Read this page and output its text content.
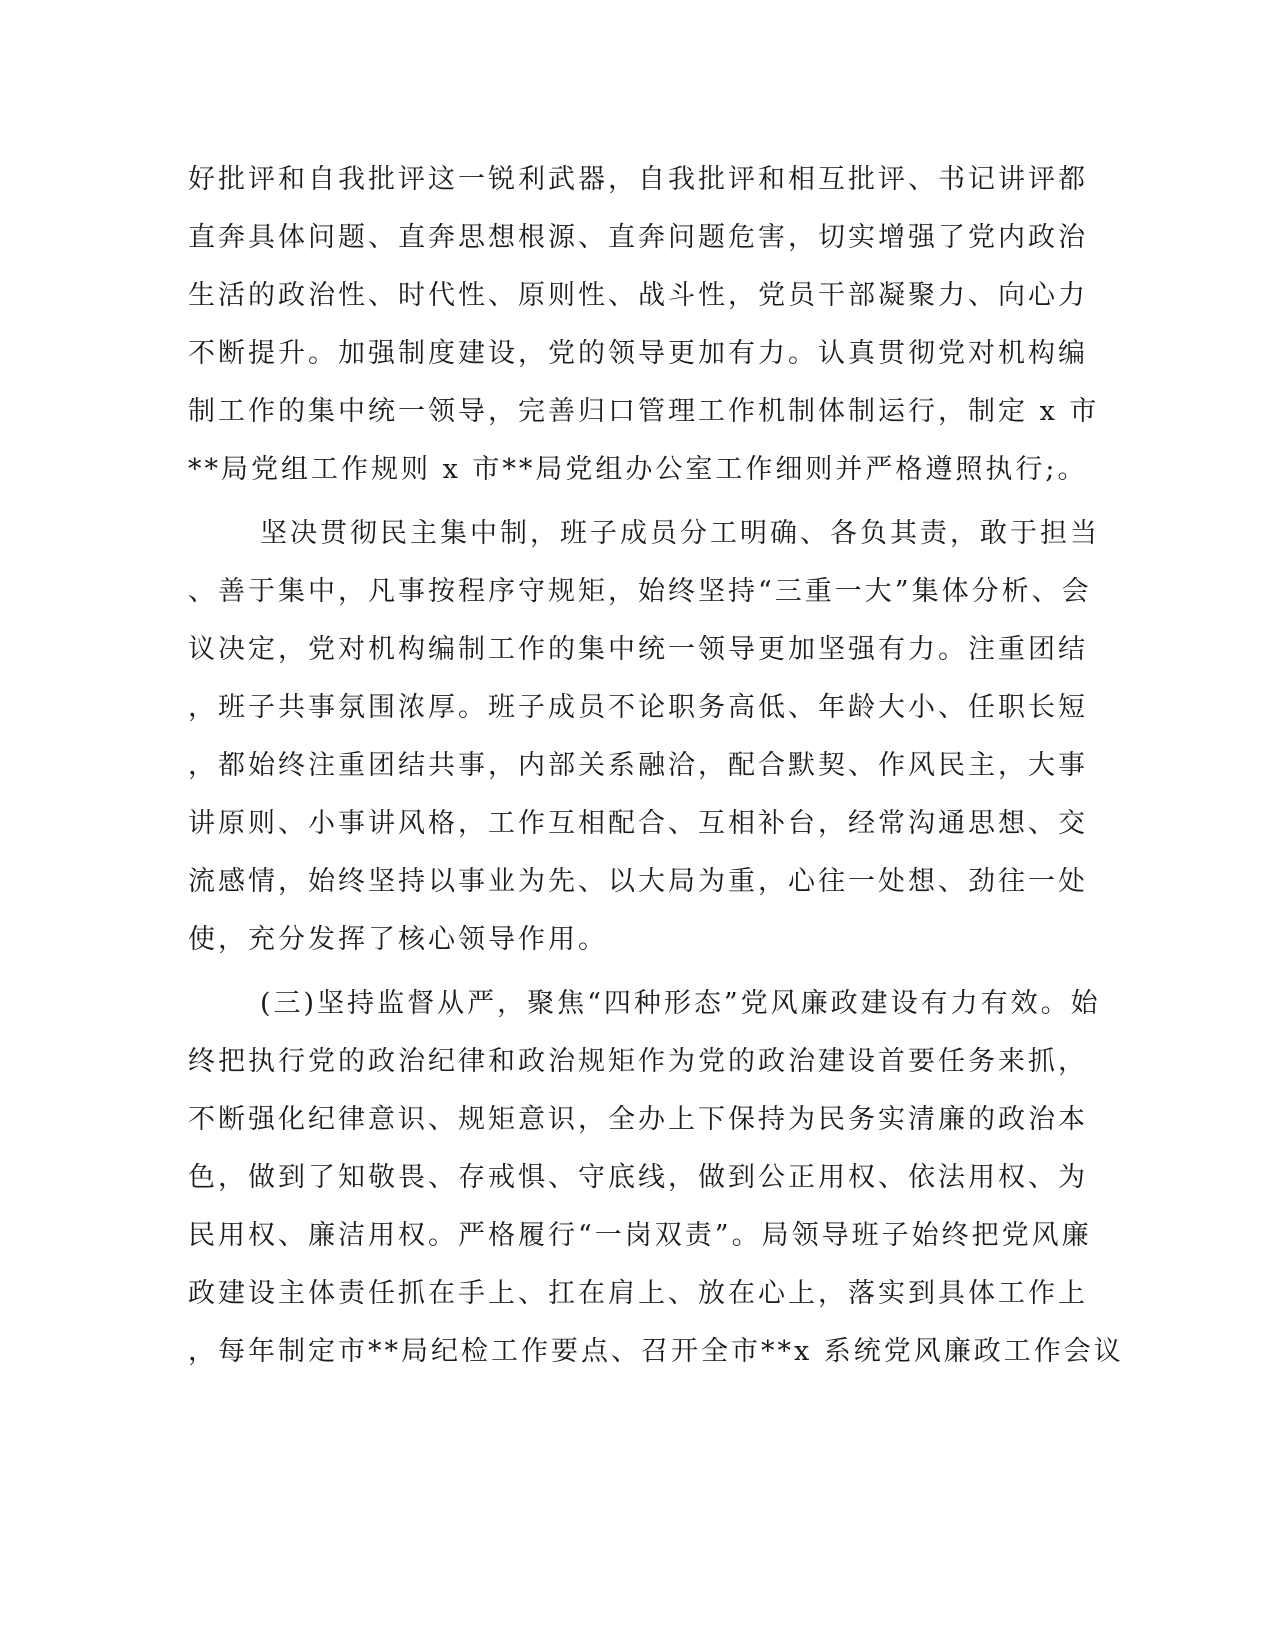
好批评和自我批评这一锐利武器，自我批评和相互批评、书记讲评都
直奔具体问题、直奔思想根源、直奔问题危害，切实增强了党内政治
生活的政治性、时代性、原则性、战斗性，党员干部凝聚力、向心力
不断提升。加强制度建设，党的领导更加有力。认真贯彻党对机构编
制工作的集中统一领导，完善归口管理工作机制体制运行，制定 x 市
**局党组工作规则 x 市**局党组办公室工作细则并严格遵照执行;。
坚决贯彻民主集中制，班子成员分工明确、各负其责，敢于担当
、善于集中，凡事按程序守规矩，始终坚持“三重一大”集体分析、会
议决定，党对机构编制工作的集中统一领导更加坚强有力。注重团结
，班子共事氛围浓厚。班子成员不论职务高低、年龄大小、任职长短
，都始终注重团结共事，内部关系融洽，配合默契、作风民主，大事
讲原则、小事讲风格，工作互相配合、互相补台，经常沟通思想、交
流感情，始终坚持以事业为先、以大局为重，心往一处想、劲往一处
使，充分发挥了核心领导作用。
(三)坚持监督从严，聚焦“四种形态”党风廉政建设有力有效。始
终把执行党的政治纪律和政治规矩作为党的政治建设首要任务来抓，
不断强化纪律意识、规矩意识，全办上下保持为民务实清廉的政治本
色，做到了知敬畏、存戒惧、守底线，做到公正用权、依法用权、为
民用权、廉洁用权。严格履行“一岗双责”。局领导班子始终把党风廉
政建设主体责任抓在手上、扛在肩上、放在心上，落实到具体工作上
，每年制定市**局纪检工作要点、召开全市**x 系统党风廉政工作会议
